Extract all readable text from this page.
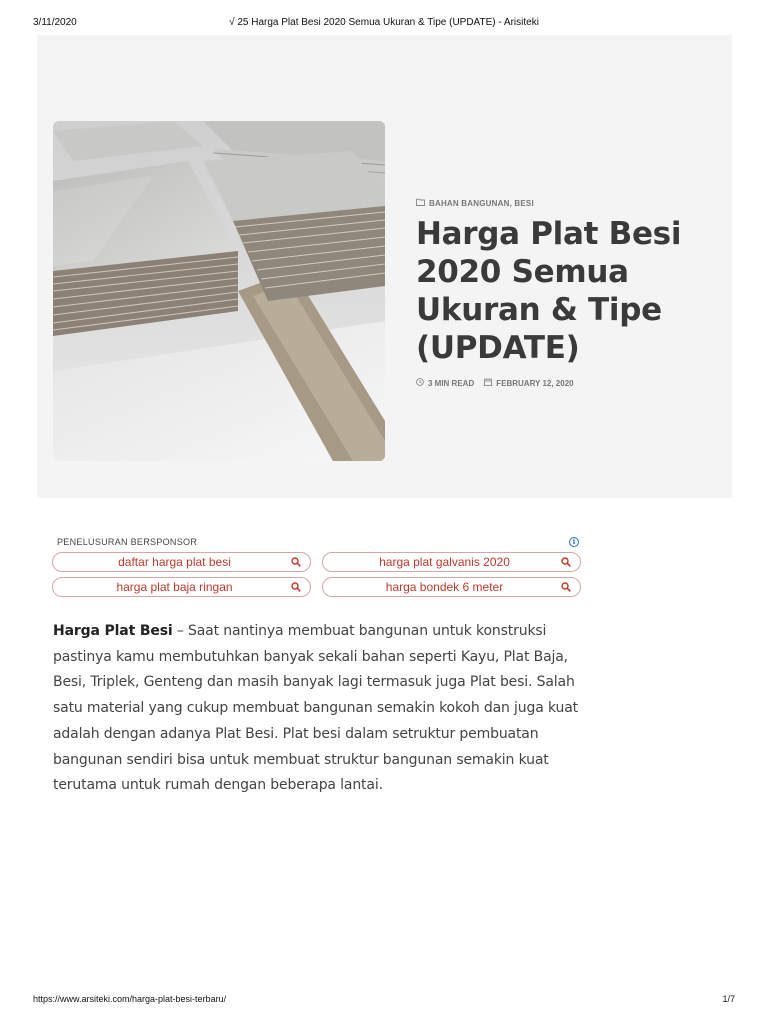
3/11/2020	√ 25 Harga Plat Besi 2020 Semua Ukuran & Tipe (UPDATE) - Arisiteki
BAHAN BANGUNAN, BESI
Harga Plat Besi 2020 Semua Ukuran & Tipe (UPDATE)
3 MIN READ	FEBRUARY 12, 2020
PENELUSURAN BERSPONSOR	i
daftar harga plat besi	harga plat galvanis 2020
harga plat baja ringan	harga bondek 6 meter

Harga Plat Besi – Saat nantinya membuat bangunan untuk konstruksi pastinya kamu membutuhkan banyak sekali bahan seperti Kayu, Plat Baja, Besi, Triplek, Genteng dan masih banyak lagi termasuk juga Plat besi. Salah satu material yang cukup membuat bangunan semakin kokoh dan juga kuat adalah dengan adanya Plat Besi. Plat besi dalam setruktur pembuatan bangunan sendiri bisa untuk membuat struktur bangunan semakin kuat terutama untuk rumah dengan beberapa lantai.

https://www.arsiteki.com/harga-plat-besi-terbaru/	1/7
